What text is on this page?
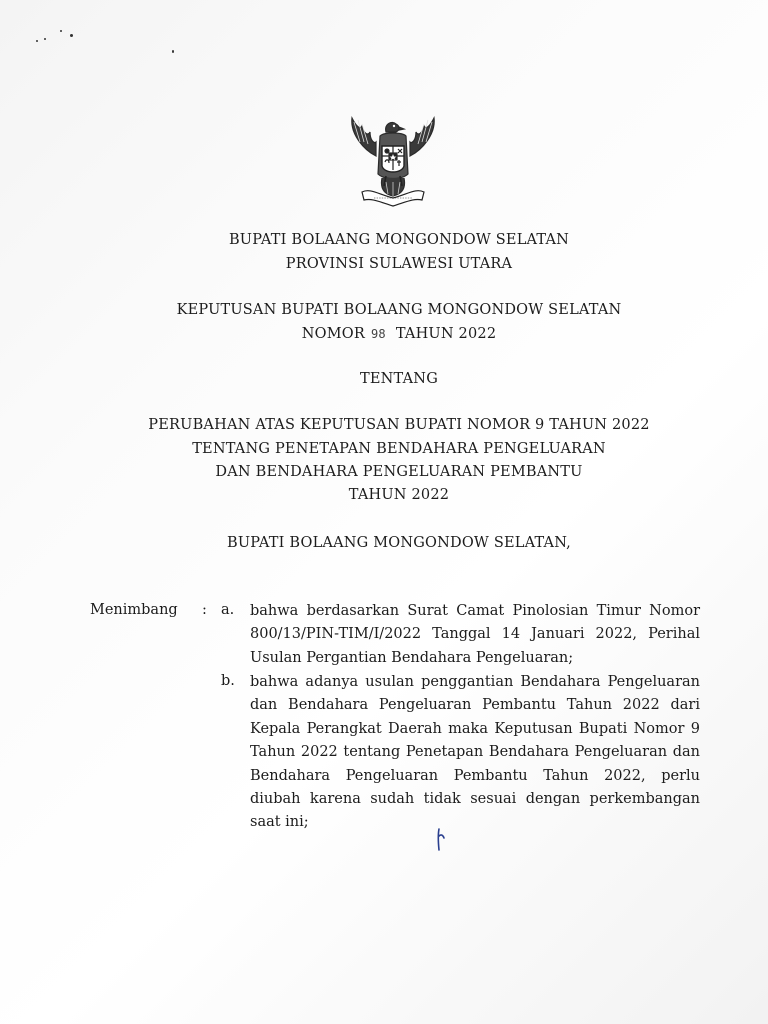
BUPATI BOLAANG MONGONDOW SELATAN
PROVINSI SULAWESI UTARA
KEPUTUSAN BUPATI BOLAANG MONGONDOW SELATAN
NOMOR 98 TAHUN 2022
TENTANG
PERUBAHAN ATAS KEPUTUSAN BUPATI NOMOR 9 TAHUN 2022
TENTANG PENETAPAN BENDAHARA PENGELUARAN
DAN BENDAHARA PENGELUARAN PEMBANTU
TAHUN 2022
BUPATI BOLAANG MONGONDOW SELATAN,
Menimbang : a. bahwa berdasarkan Surat Camat Pinolosian Timur Nomor 800/13/PIN-TIM/I/2022 Tanggal 14 Januari 2022, Perihal Usulan Pergantian Bendahara Pengeluaran;
b. bahwa adanya usulan penggantian Bendahara Pengeluaran dan Bendahara Pengeluaran Pembantu Tahun 2022 dari Kepala Perangkat Daerah maka Keputusan Bupati Nomor 9 Tahun 2022 tentang Penetapan Bendahara Pengeluaran dan Bendahara Pengeluaran Pembantu Tahun 2022, perlu diubah karena sudah tidak sesuai dengan perkembangan saat ini;
